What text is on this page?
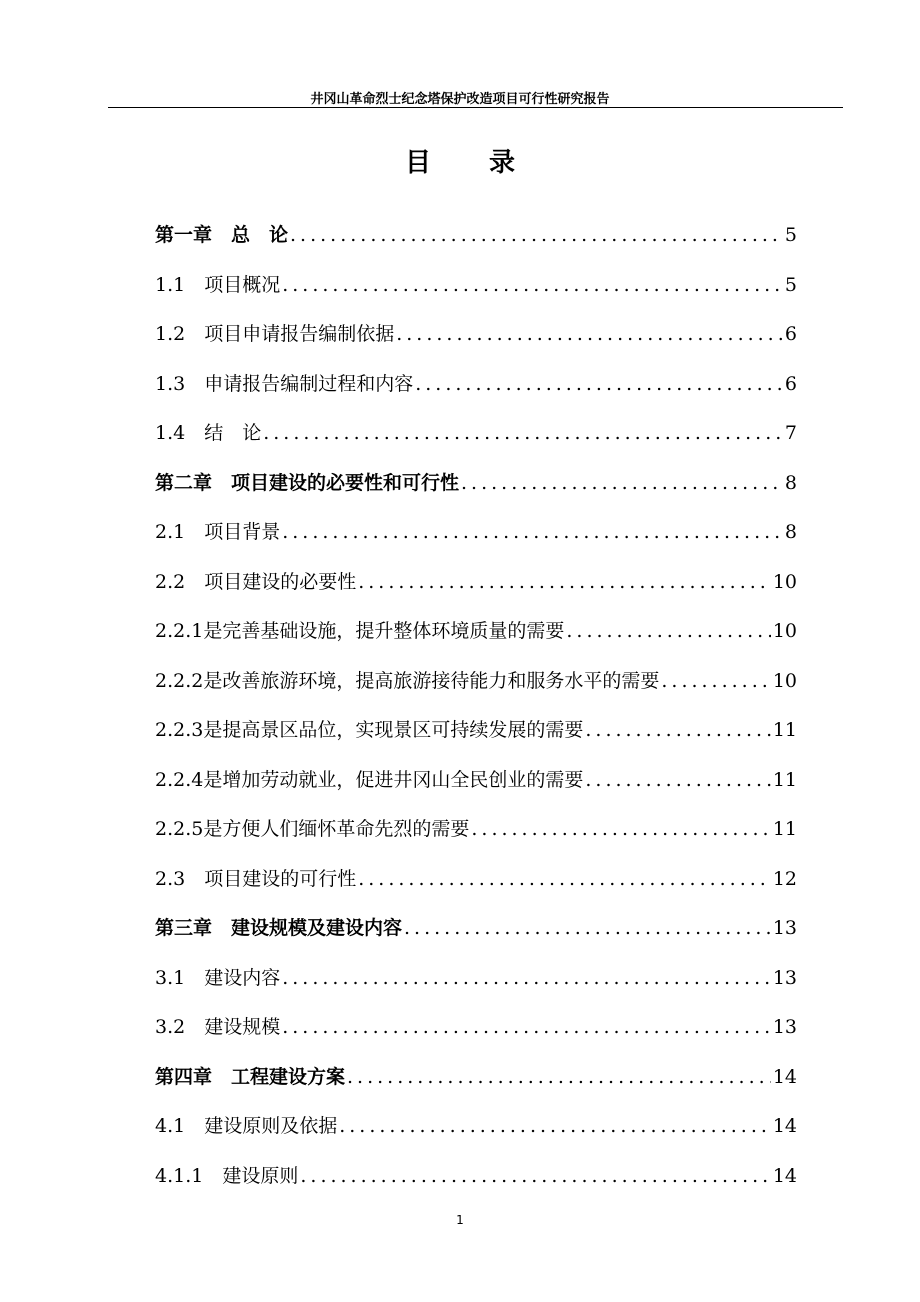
井冈山革命烈士纪念塔保护改造项目可行性研究报告
目录
第一章　总　论 .....	5
1.1　项目概况 .....	5
1.2　项目申请报告编制依据 .....	6
1.3　申请报告编制过程和内容 .....	6
1.4　结　论 .....	7
第二章　项目建设的必要性和可行性 .....	8
2.1　项目背景 .....	8
2.2　项目建设的必要性 .....	10
2.2.1是完善基础设施，提升整体环境质量的需要 .....	10
2.2.2是改善旅游环境，提高旅游接待能力和服务水平的需要 .....	10
2.2.3是提高景区品位，实现景区可持续发展的需要 .....	11
2.2.4是增加劳动就业，促进井冈山全民创业的需要 .....	11
2.2.5是方便人们缅怀革命先烈的需要 .....	11
2.3　项目建设的可行性 .....	12
第三章　建设规模及建设内容 .....	13
3.1　建设内容 .....	13
3.2　建设规模 .....	13
第四章　工程建设方案 .....	14
4.1　建设原则及依据 .....	14
4.1.1　建设原则 .....	14
1
